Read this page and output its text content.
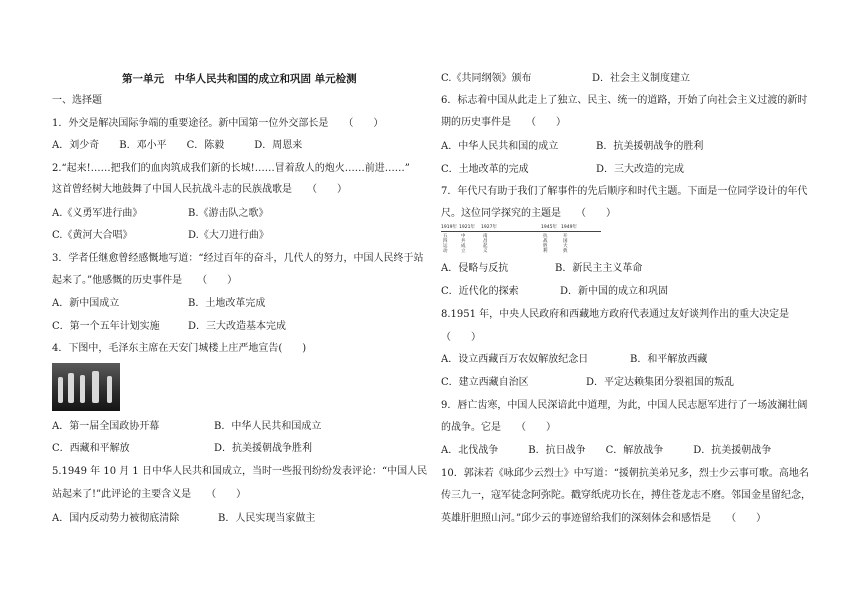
第一单元　中华人民共和国的成立和巩固 单元检测
一、选择题
1．外交是解决国际争端的重要途径。新中国第一位外交部长是　　（　　）
A．刘少奇　　B．邓小平　　C．陈毅　　　D．周恩来
2.“起来!……把我们的血肉筑成我们新的长城!……冒着敌人的炮火……前进……”
这首曾经树大地鼓舞了中国人民抗战斗志的民族战歌是　　（　　）
A.《义勇军进行曲》	B.《游击队之歌》
C.《黄河大合唱》	D.《大刀进行曲》
3．学者任继愈曾经感慨地写道：“经过百年的奋斗，几代人的努力，中国人民终于站
起来了。”他感慨的历史事件是　　（　　）
A．新中国成立	B．土地改革完成
C．第一个五年计划实施	D．三大改造基本完成
4．下图中，毛泽东主席在天安门城楼上庄严地宣告(　　)
A．第一届全国政协开幕	B．中华人民共和国成立
C．西藏和平解放	D．抗美援朝战争胜利
5.1949 年 10 月 1 日中华人民共和国成立，当时一些报刊纷纷发表评论：“中国人民
站起来了!”此评论的主要含义是　　（　　）
A．国内反动势力被彻底清除	B．人民实现当家做主
C.《共同纲领》颁布	D．社会主义制度建立
6．标志着中国从此走上了独立、民主、统一的道路，开始了向社会主义过渡的新时
期的历史事件是　　（　　）
A．中华人民共和国的成立	B．抗美援朝战争的胜利
C．土地改革的完成	D．三大改造的完成
7．年代尺有助于我们了解事件的先后顺序和时代主题。下面是一位同学设计的年代
尺。这位同学探究的主题是　　（　　）
1919年 1921年 1927年	1945年 1949年
五四运动
中共成立
南昌起义
抗战胜利
开国大典
A．侵略与反抗	B．新民主主义革命
C．近代化的探索	D．新中国的成立和巩固
8.1951 年，中央人民政府和西藏地方政府代表通过友好谈判作出的重大决定是
（　　）
A．设立西藏百万农奴解放纪念日	B．和平解放西藏
C．建立西藏自治区	D．平定达赖集团分裂祖国的叛乱
9．唇亡齿寒，中国人民深谙此中道理，为此，中国人民志愿军进行了一场波澜壮阔
的战争。它是　　（　　）
A．北伐战争　　　B．抗日战争　　C．解放战争　　　D．抗美援朝战争
10．郭沫若《咏邱少云烈士》中写道：“援朝抗美弟兄多，烈士少云事可歌。高地名
传三九一，寇军徒念阿弥陀。戳穿纸虎功长在，搏住苍龙志不磨。邻国金星留纪念，
英雄肝胆照山河。”邱少云的事迹留给我们的深刻体会和感悟是　　（　　）
